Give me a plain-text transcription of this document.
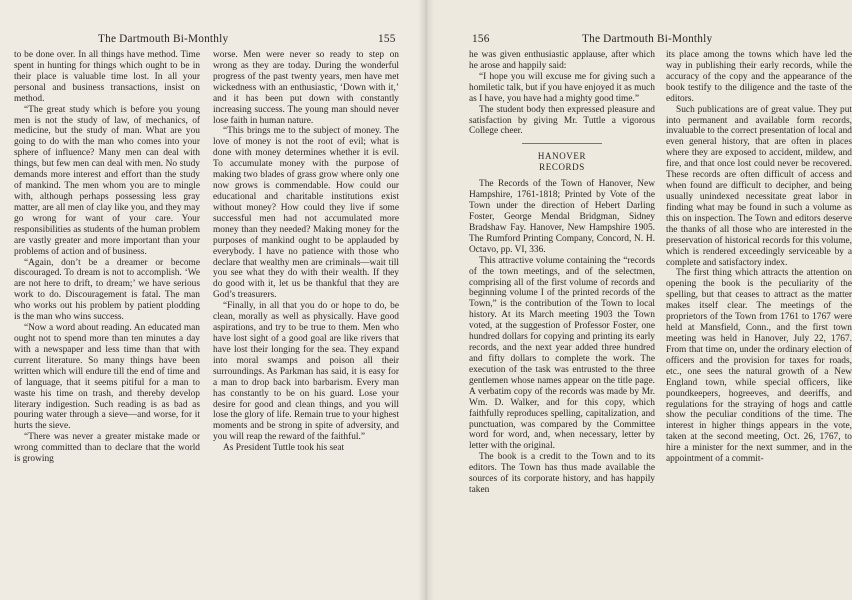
The Dartmouth Bi-Monthly	155

to be done over. In all things have method. Time spent in hunting for things which ought to be in their place is valuable time lost. In all your personal and business transactions, insist on method.

“The great study which is before you young men is not the study of law, of mechanics, of medicine, but the study of man. What are you going to do with the man who comes into your sphere of influence? Many men can deal with things, but few men can deal with men. No study demands more interest and effort than the study of mankind. The men whom you are to mingle with, although perhaps possessing less gray matter, are all men of clay like you, and they may go wrong for want of your care. Your responsibilities as students of the human problem are vastly greater and more important than your problems of action and of business.

“Again, don’t be a dreamer or become discouraged. To dream is not to accomplish. ‘We are not here to drift, to dream;’ we have serious work to do. Discouragement is fatal. The man who works out his problem by patient plodding is the man who wins success.

“Now a word about reading. An educated man ought not to spend more than ten minutes a day with a newspaper and less time than that with current literature. So many things have been written which will endure till the end of time and of language, that it seems pitiful for a man to waste his time on trash, and thereby develop literary indigestion. Such reading is as bad as pouring water through a sieve—and worse, for it hurts the sieve.

“There was never a greater mistake made or wrong committed than to declare that the world is growing

worse. Men were never so ready to step on wrong as they are today. During the wonderful progress of the past twenty years, men have met wickedness with an enthusiastic, ‘Down with it,’ and it has been put down with constantly increasing success. The young man should never lose faith in human nature.

“This brings me to the subject of money. The love of money is not the root of evil; what is done with money determines whether it is evil. To accumulate money with the purpose of making two blades of grass grow where only one now grows is commendable. How could our educational and charitable institutions exist without money? How could they live if some successful men had not accumulated more money than they needed? Making money for the purposes of mankind ought to be applauded by everybody. I have no patience with those who declare that wealthy men are criminals—wait till you see what they do with their wealth. If they do good with it, let us be thankful that they are God’s treasurers.

“Finally, in all that you do or hope to do, be clean, morally as well as physically. Have good aspirations, and try to be true to them. Men who have lost sight of a good goal are like rivers that have lost their longing for the sea. They expand into moral swamps and poison all their surroundings. As Parkman has said, it is easy for a man to drop back into barbarism. Every man has constantly to be on his guard. Lose your desire for good and clean things, and you will lose the glory of life. Remain true to your highest moments and be strong in spite of adversity, and you will reap the reward of the faithful.”

As President Tuttle took his seat

156	The Dartmouth Bi-Monthly

he was given enthusiastic applause, after which he arose and happily said:

“I hope you will excuse me for giving such a homiletic talk, but if you have enjoyed it as much as I have, you have had a mighty good time.”

The student body then expressed pleasure and satisfaction by giving Mr. Tuttle a vigorous College cheer.

HANOVER RECORDS

The Records of the Town of Hanover, New Hampshire, 1761-1818; Printed by Vote of the Town under the direction of Hebert Darling Foster, George Mendal Bridgman, Sidney Bradshaw Fay. Hanover, New Hampshire 1905. The Rumford Printing Company, Concord, N. H. Octavo, pp. VI, 336.

This attractive volume containing the “records of the town meetings, and of the selectmen, comprising all of the first volume of records and beginning volume I of the printed records of the Town,” is the contribution of the Town to local history. At its March meeting 1903 the Town voted, at the suggestion of Professor Foster, one hundred dollars for copying and printing its early records, and the next year added three hundred and fifty dollars to complete the work. The execution of the task was entrusted to the three gentlemen whose names appear on the title page. A verbatim copy of the records was made by Mr. Wm. D. Walker, and for this copy, which faithfully reproduces spelling, capitalization, and punctuation, was compared by the Committee word for word, and, when necessary, letter by letter with the original.

The book is a credit to the Town and to its editors. The Town has thus made available the sources of its corporate history, and has happily taken

its place among the towns which have led the way in publishing their early records, while the accuracy of the copy and the appearance of the book testify to the diligence and the taste of the editors.

Such publications are of great value. They put into permanent and available form records, invaluable to the correct presentation of local and even general history, that are often in places where they are exposed to accident, mildew, and fire, and that once lost could never be recovered. These records are often difficult of access and when found are difficult to decipher, and being usually unindexed necessitate great labor in finding what may be found in such a volume as this on inspection. The Town and editors deserve the thanks of all those who are interested in the preservation of historical records for this volume, which is rendered exceedingly serviceable by a complete and satisfactory index.

The first thing which attracts the attention on opening the book is the peculiarity of the spelling, but that ceases to attract as the matter makes itself clear. The meetings of the proprietors of the Town from 1761 to 1767 were held at Mansfield, Conn., and the first town meeting was held in Hanover, July 22, 1767. From that time on, under the ordinary election of officers and the provision for taxes for roads, etc., one sees the natural growth of a New England town, while special officers, like poundkeepers, hogreeves, and deeriffs, and regulations for the straying of hogs and cattle show the peculiar conditions of the time. The interest in higher things appears in the vote, taken at the second meeting, Oct. 26, 1767, to hire a minister for the next summer, and in the appointment of a commit-
